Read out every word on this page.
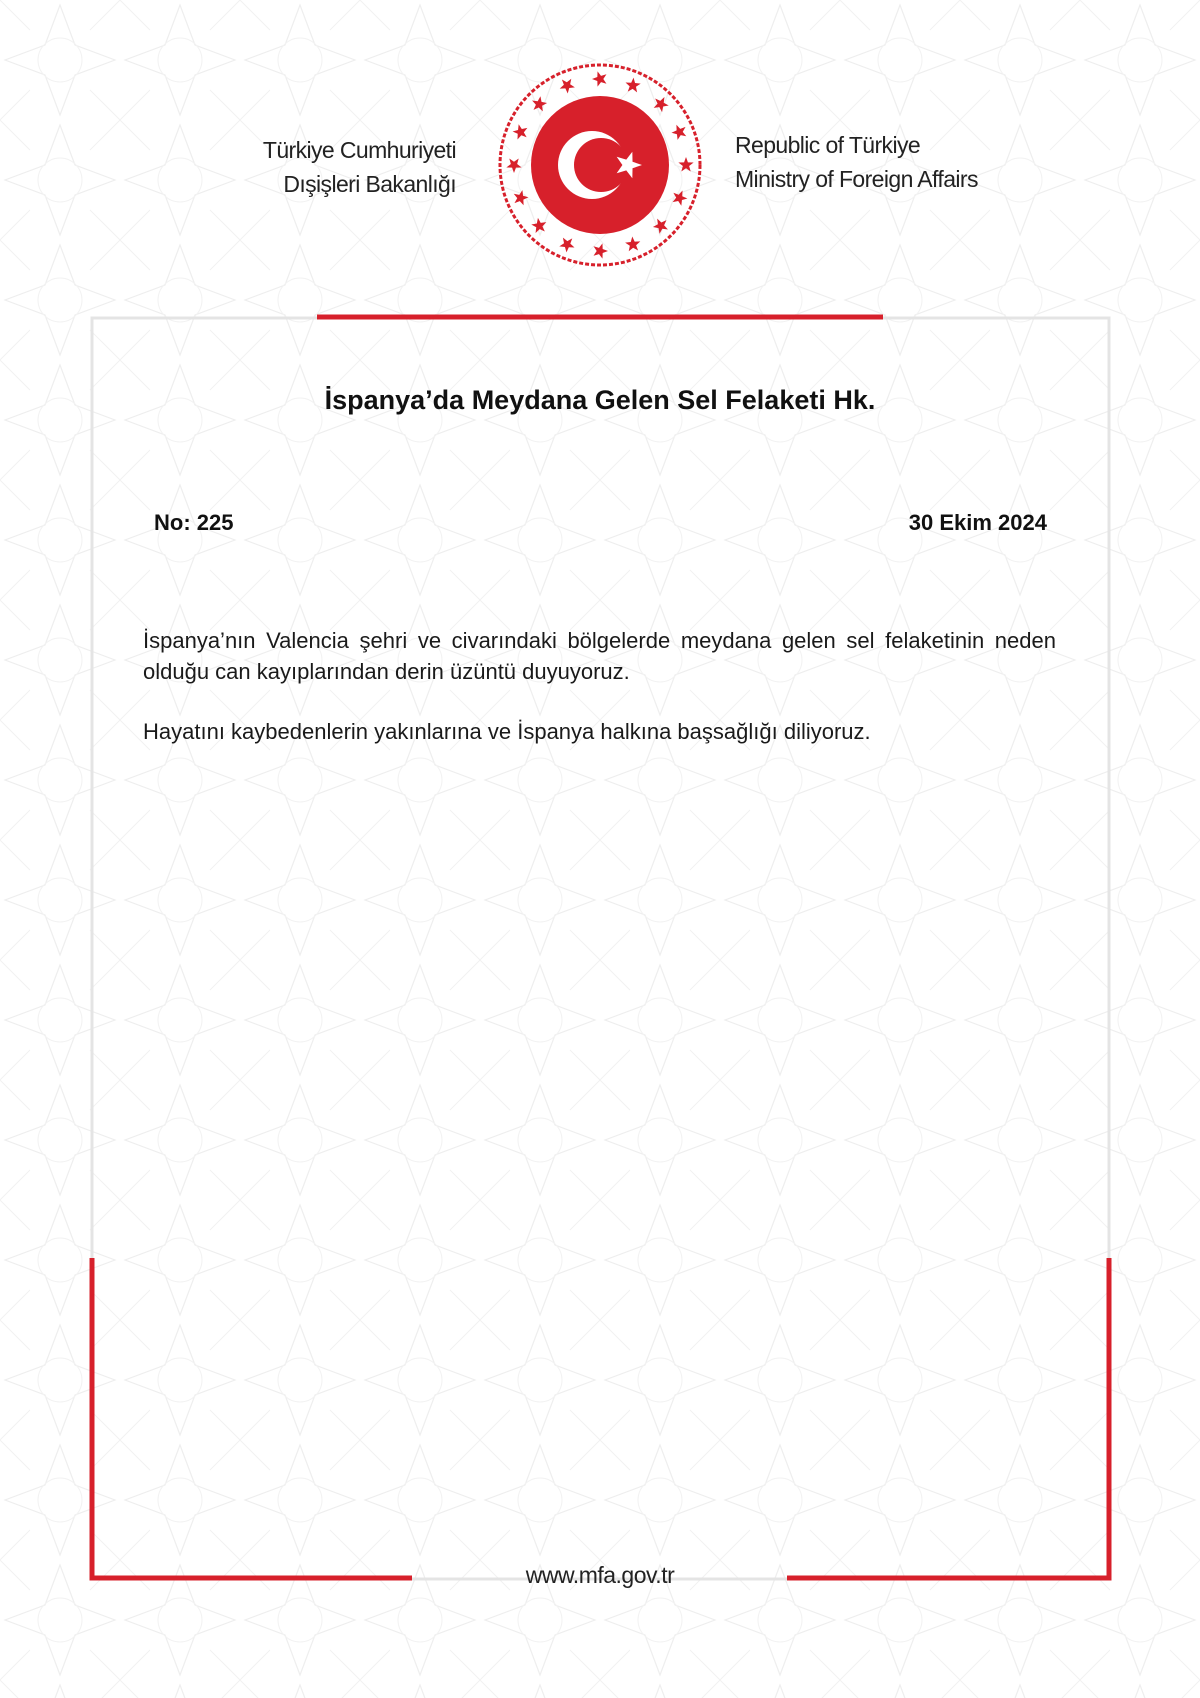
Türkiye Cumhuriyeti
Dışişleri Bakanlığı
Republic of Türkiye
Ministry of Foreign Affairs
İspanya’da Meydana Gelen Sel Felaketi Hk.
No: 225	30 Ekim 2024

İspanya’nın Valencia şehri ve civarındaki bölgelerde meydana gelen sel felaketinin neden olduğu can kayıplarından derin üzüntü duyuyoruz.

Hayatını kaybedenlerin yakınlarına ve İspanya halkına başsağlığı diliyoruz.

www.mfa.gov.tr
